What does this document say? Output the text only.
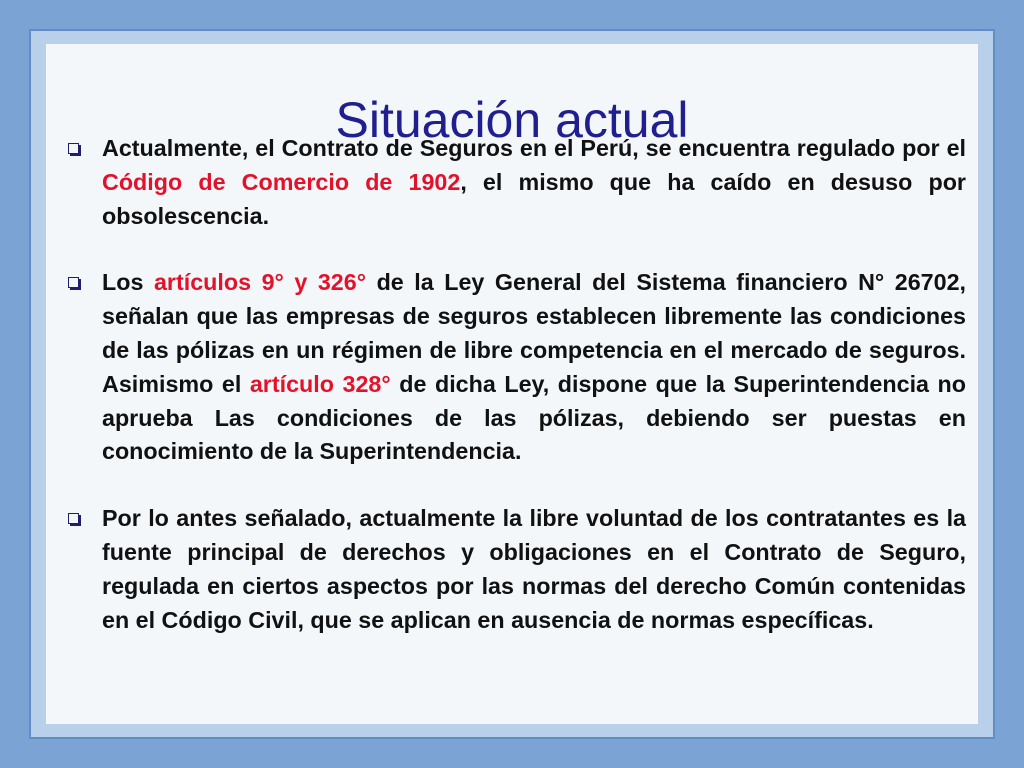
Situación actual
Actualmente, el Contrato de Seguros en el Perú, se encuentra regulado por el Código de Comercio de 1902, el mismo que ha caído en desuso por obsolescencia.
Los artículos 9° y 326° de la Ley General del Sistema financiero N° 26702, señalan que las empresas de seguros establecen libremente las condiciones de las pólizas en un régimen de libre competencia en el mercado de seguros. Asimismo el artículo 328° de dicha Ley, dispone que la Superintendencia no aprueba Las condiciones de las pólizas, debiendo ser puestas en conocimiento de la Superintendencia.
Por lo antes señalado, actualmente la libre voluntad de los contratantes es la fuente principal de derechos y obligaciones en el Contrato de Seguro, regulada en ciertos aspectos por las normas del derecho Común contenidas en el Código Civil, que se aplican en ausencia de normas específicas.
